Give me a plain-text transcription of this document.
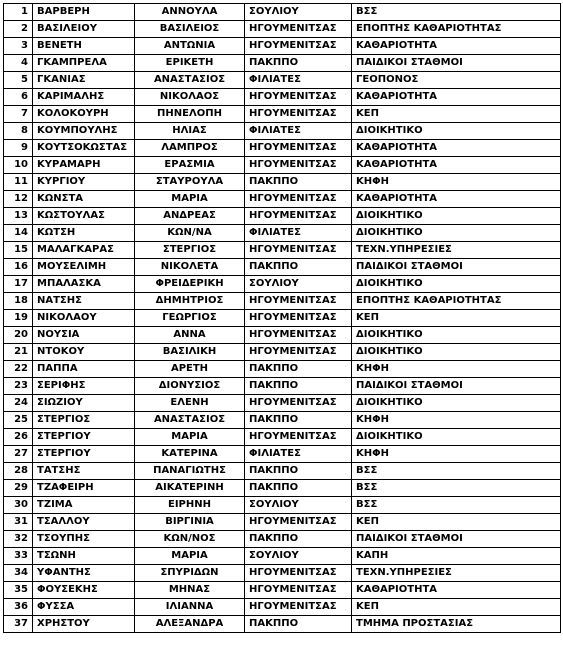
1	ΒΑΡΒΕΡΗ	ΑΝΝΟΥΛΑ	ΣΟΥΛΙΟΥ	ΒΣΣ
2	ΒΑΣΙΛΕΙΟΥ	ΒΑΣΙΛΕΙΟΣ	ΗΓΟΥΜΕΝΙΤΣΑΣ	ΕΠΟΠΤΗΣ ΚΑΘΑΡΙΟΤΗΤΑΣ
3	ΒΕΝΕΤΗ	ΑΝΤΩΝΙΑ	ΗΓΟΥΜΕΝΙΤΣΑΣ	ΚΑΘΑΡΙΟΤΗΤΑ
4	ΓΚΑΜΠΡΕΛΑ	ΕΡΙΚΕΤΗ	ΠΑΚΠΠΟ	ΠΑΙΔΙΚΟΙ ΣΤΑΘΜΟΙ
5	ΓΚΑΝΙΑΣ	ΑΝΑΣΤΑΣΙΟΣ	ΦΙΛΙΑΤΕΣ	ΓΕΟΠΟΝΟΣ
6	ΚΑΡΙΜΑΛΗΣ	ΝΙΚΟΛΑΟΣ	ΗΓΟΥΜΕΝΙΤΣΑΣ	ΚΑΘΑΡΙΟΤΗΤΑ
7	ΚΟΛΟΚΟΥΡΗ	ΠΗΝΕΛΟΠΗ	ΗΓΟΥΜΕΝΙΤΣΑΣ	ΚΕΠ
8	ΚΟΥΜΠΟΥΛΗΣ	ΗΛΙΑΣ	ΦΙΛΙΑΤΕΣ	ΔΙΟΙΚΗΤΙΚΟ
9	ΚΟΥΤΣΟΚΩΣΤΑΣ	ΛΑΜΠΡΟΣ	ΗΓΟΥΜΕΝΙΤΣΑΣ	ΚΑΘΑΡΙΟΤΗΤΑ
10	ΚΥΡΑΜΑΡΗ	ΕΡΑΣΜΙΑ	ΗΓΟΥΜΕΝΙΤΣΑΣ	ΚΑΘΑΡΙΟΤΗΤΑ
11	ΚΥΡΓΙΟΥ	ΣΤΑΥΡΟΥΛΑ	ΠΑΚΠΠΟ	ΚΗΦΗ
12	ΚΩΝΣΤΑ	ΜΑΡΙΑ	ΗΓΟΥΜΕΝΙΤΣΑΣ	ΚΑΘΑΡΙΟΤΗΤΑ
13	ΚΩΣΤΟΥΛΑΣ	ΑΝΔΡΕΑΣ	ΗΓΟΥΜΕΝΙΤΣΑΣ	ΔΙΟΙΚΗΤΙΚΟ
14	ΚΩΤΣΗ	ΚΩΝ/ΝΑ	ΦΙΛΙΑΤΕΣ	ΔΙΟΙΚΗΤΙΚΟ
15	ΜΑΛΑΓΚΑΡΑΣ	ΣΤΕΡΓΙΟΣ	ΗΓΟΥΜΕΝΙΤΣΑΣ	ΤΕΧΝ.ΥΠΗΡΕΣΙΕΣ
16	ΜΟΥΣΕΛΙΜΗ	ΝΙΚΟΛΕΤΑ	ΠΑΚΠΠΟ	ΠΑΙΔΙΚΟΙ ΣΤΑΘΜΟΙ
17	ΜΠΑΛΑΣΚΑ	ΦΡΕΙΔΕΡΙΚΗ	ΣΟΥΛΙΟΥ	ΔΙΟΙΚΗΤΙΚΟ
18	ΝΑΤΣΗΣ	ΔΗΜΗΤΡΙΟΣ	ΗΓΟΥΜΕΝΙΤΣΑΣ	ΕΠΟΠΤΗΣ ΚΑΘΑΡΙΟΤΗΤΑΣ
19	ΝΙΚΟΛΑΟΥ	ΓΕΩΡΓΙΟΣ	ΗΓΟΥΜΕΝΙΤΣΑΣ	ΚΕΠ
20	ΝΟΥΣΙΑ	ΑΝΝΑ	ΗΓΟΥΜΕΝΙΤΣΑΣ	ΔΙΟΙΚΗΤΙΚΟ
21	ΝΤΟΚΟΥ	ΒΑΣΙΛΙΚΗ	ΗΓΟΥΜΕΝΙΤΣΑΣ	ΔΙΟΙΚΗΤΙΚΟ
22	ΠΑΠΠΑ	ΑΡΕΤΗ	ΠΑΚΠΠΟ	ΚΗΦΗ
23	ΣΕΡΙΦΗΣ	ΔΙΟΝΥΣΙΟΣ	ΠΑΚΠΠΟ	ΠΑΙΔΙΚΟΙ ΣΤΑΘΜΟΙ
24	ΣΙΩΖΙΟΥ	ΕΛΕΝΗ	ΗΓΟΥΜΕΝΙΤΣΑΣ	ΔΙΟΙΚΗΤΙΚΟ
25	ΣΤΕΡΓΙΟΣ	ΑΝΑΣΤΑΣΙΟΣ	ΠΑΚΠΠΟ	ΚΗΦΗ
26	ΣΤΕΡΓΙΟΥ	ΜΑΡΙΑ	ΗΓΟΥΜΕΝΙΤΣΑΣ	ΔΙΟΙΚΗΤΙΚΟ
27	ΣΤΕΡΓΙΟΥ	ΚΑΤΕΡΙΝΑ	ΦΙΛΙΑΤΕΣ	ΚΗΦΗ
28	ΤΑΤΣΗΣ	ΠΑΝΑΓΙΩΤΗΣ	ΠΑΚΠΠΟ	ΒΣΣ
29	ΤΖΑΦΕΙΡΗ	ΑΙΚΑΤΕΡΙΝΗ	ΠΑΚΠΠΟ	ΒΣΣ
30	ΤΖΙΜΑ	ΕΙΡΗΝΗ	ΣΟΥΛΙΟΥ	ΒΣΣ
31	ΤΣΑΛΛΟΥ	ΒΙΡΓΙΝΙΑ	ΗΓΟΥΜΕΝΙΤΣΑΣ	ΚΕΠ
32	ΤΣΟΥΠΗΣ	ΚΩΝ/ΝΟΣ	ΠΑΚΠΠΟ	ΠΑΙΔΙΚΟΙ ΣΤΑΘΜΟΙ
33	ΤΣΩΝΗ	ΜΑΡΙΑ	ΣΟΥΛΙΟΥ	ΚΑΠΗ
34	ΥΦΑΝΤΗΣ	ΣΠΥΡΙΔΩΝ	ΗΓΟΥΜΕΝΙΤΣΑΣ	ΤΕΧΝ.ΥΠΗΡΕΣΙΕΣ
35	ΦΟΥΣΕΚΗΣ	ΜΗΝΑΣ	ΗΓΟΥΜΕΝΙΤΣΑΣ	ΚΑΘΑΡΙΟΤΗΤΑ
36	ΦΥΣΣΑ	ΙΛΙΑΝΝΑ	ΗΓΟΥΜΕΝΙΤΣΑΣ	ΚΕΠ
37	ΧΡΗΣΤΟΥ	ΑΛΕΞΑΝΔΡΑ	ΠΑΚΠΠΟ	ΤΜΗΜΑ ΠΡΟΣΤΑΣΙΑΣ
